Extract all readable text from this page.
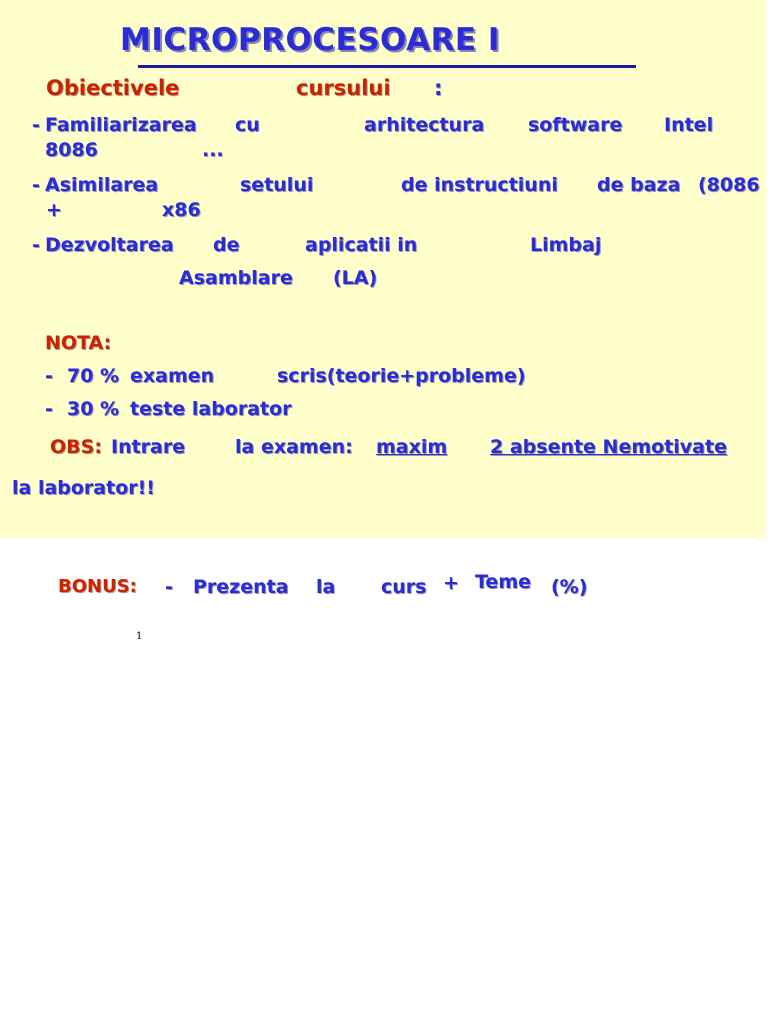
MICROPROCESOARE I
Obiectivele	cursului :
- Familiarizarea cu	arhitectura software Intel
8086	...
- Asimilarea	setului	de instructiuni de baza (8086
+	x86
- Dezvoltarea de	aplicatii in	Limbaj
Asamblare (LA)
NOTA:
- 70 % examen	scris(teorie+probleme)
- 30 % teste laborator
OBS: Intrare	la examen: maxim 2 absente Nemotivate
la laborator!!
BONUS: - Prezenta la curs + Teme (%)
1
